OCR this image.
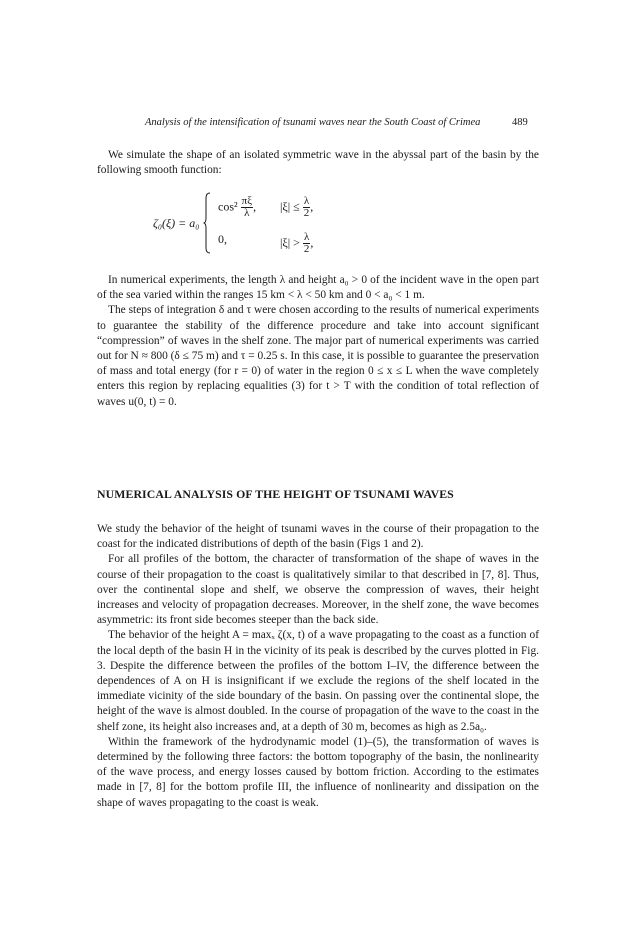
Analysis of the intensification of tsunami waves near the South Coast of Crimea	489

We simulate the shape of an isolated symmetric wave in the abyssal part of the basin by the following smooth function:

ζ₀(ξ) = a₀
$\cos^2 \frac{\pi\xi}{\lambda}$ , $|\xi| \le \frac{\lambda}{2}$ ,
0,	$|\xi| > \frac{\lambda}{2}$ ,

In numerical experiments, the length λ and height a₀ > 0 of the incident wave in the open part of the sea varied within the ranges 15 km < λ < 50 km and 0 < a₀ < 1 m.

The steps of integration δ and τ were chosen according to the results of numerical experiments to guarantee the stability of the difference procedure and take into account significant “compression” of waves in the shelf zone. The major part of numerical experiments was carried out for N ≈ 800 (δ ≤ 75 m) and τ = 0.25 s. In this case, it is possible to guarantee the preservation of mass and total energy (for r = 0) of water in the region 0 ≤ x ≤ L when the wave completely enters this region by replacing equalities (3) for t > T with the condition of total reflection of waves u(0, t) = 0.

NUMERICAL ANALYSIS OF THE HEIGHT OF TSUNAMI WAVES

We study the behavior of the height of tsunami waves in the course of their propagation to the coast for the indicated distributions of depth of the basin (Figs 1 and 2).

For all profiles of the bottom, the character of transformation of the shape of waves in the course of their propagation to the coast is qualitatively similar to that described in [7, 8]. Thus, over the continental slope and shelf, we observe the compression of waves, their height increases and velocity of propagation decreases. Moreover, in the shelf zone, the wave becomes asymmetric: its front side becomes steeper than the back side.

The behavior of the height A = maxₓ ζ(x, t) of a wave propagating to the coast as a function of the local depth of the basin H in the vicinity of its peak is described by the curves plotted in Fig. 3. Despite the difference between the profiles of the bottom I–IV, the difference between the dependences of A on H is insignificant if we exclude the regions of the shelf located in the immediate vicinity of the side boundary of the basin. On passing over the continental slope, the height of the wave is almost doubled. In the course of propagation of the wave to the coast in the shelf zone, its height also increases and, at a depth of 30 m, becomes as high as 2.5a₀.

Within the framework of the hydrodynamic model (1)–(5), the transformation of waves is determined by the following three factors: the bottom topography of the basin, the nonlinearity of the wave process, and energy losses caused by bottom friction. According to the estimates made in [7, 8] for the bottom profile III, the influence of nonlinearity and dissipation on the shape of waves propagating to the coast is weak.
